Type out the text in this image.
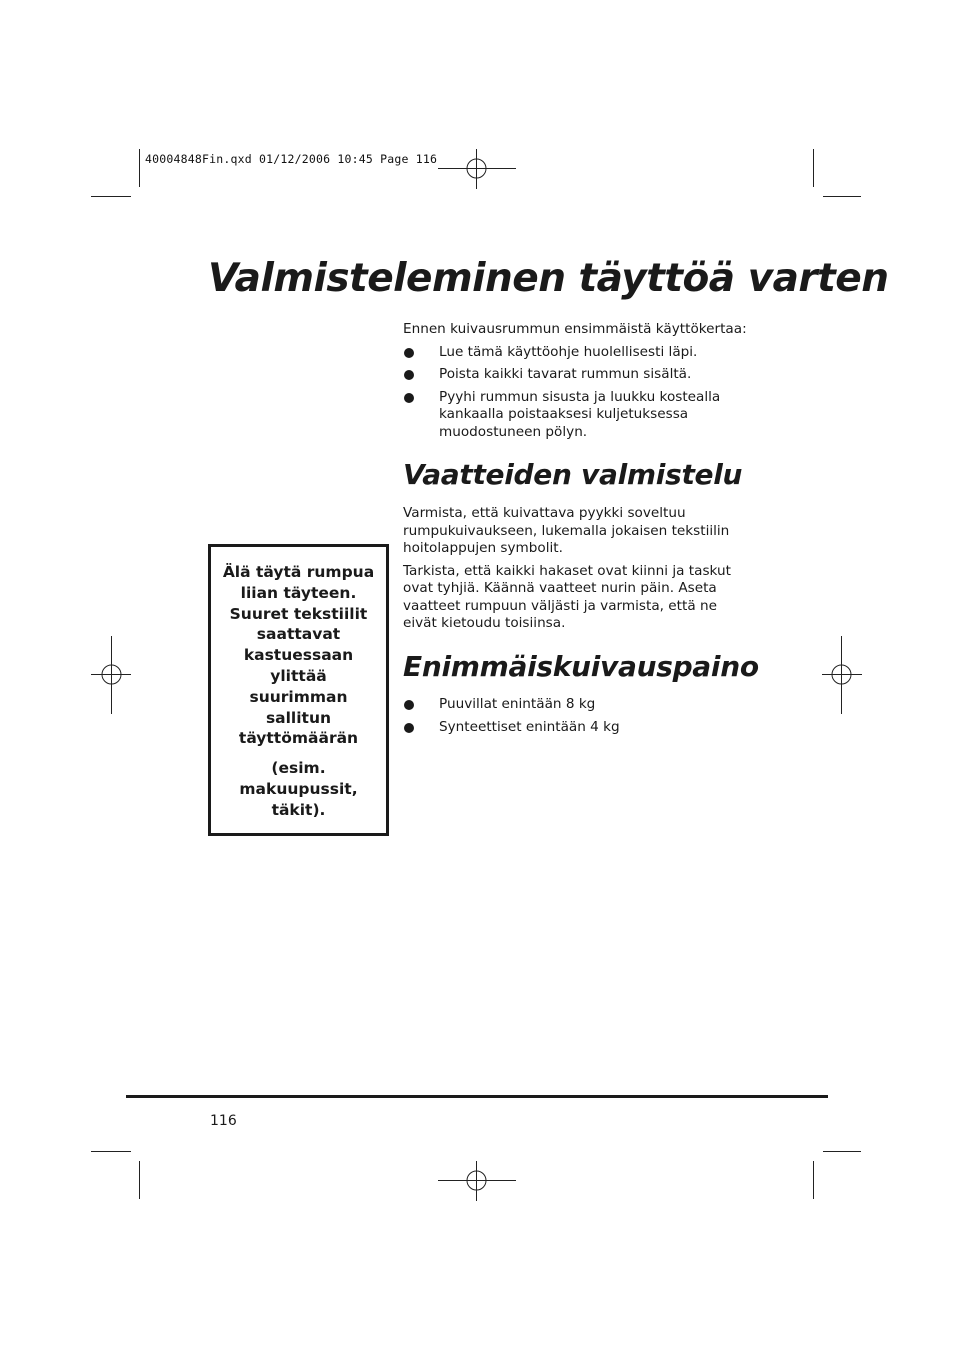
40004848Fin.qxd 01/12/2006 10:45 Page 116
Valmisteleminen täyttöä varten

Ennen kuivausrummun ensimmäistä käyttökertaa:

Lue tämä käyttöohje huolellisesti läpi.
Poista kaikki tavarat rummun sisältä.
Pyyhi rummun sisusta ja luukku kostealla kankaalla poistaaksesi kuljetuksessa muodostuneen pölyn.
Vaatteiden valmistelu

Varmista, että kuivattava pyykki soveltuu rumpukuivaukseen, lukemalla jokaisen tekstiilin hoitolappujen symbolit.

Tarkista, että kaikki hakaset ovat kiinni ja taskut ovat tyhjiä. Käännä vaatteet nurin päin. Aseta vaatteet rumpuun väljästi ja varmista, että ne eivät kietoudu toisiinsa.

Enimmäiskuivauspaino
Puuvillat enintään 8 kg
Synteettiset enintään 4 kg

Älä täytä rumpua liian täyteen. Suuret tekstiilit saattavat kastuessaan ylittää suurimman sallitun täyttömäärän

(esim. makuupussit, täkit).

116
